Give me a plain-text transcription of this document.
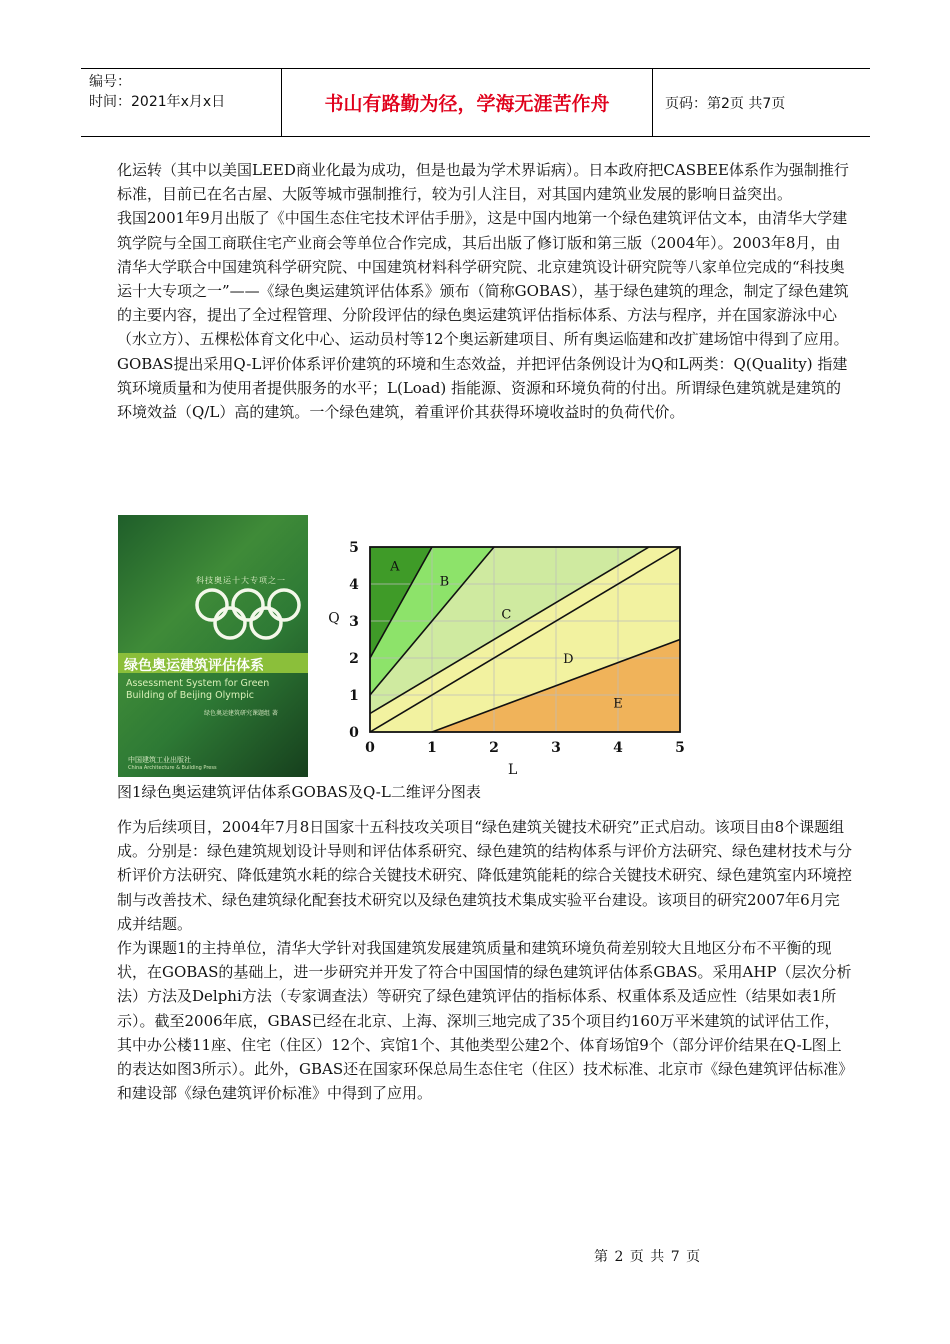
编号：
时间：2021年x月x日	书山有路勤为径，学海无涯苦作舟	页码：第2页 共7页
化运转（其中以美国LEED商业化最为成功，但是也最为学术界诟病）。日本政府把CASBEE体系作为强制推行标准，目前已在名古屋、大阪等城市强制推行，较为引人注目，对其国内建筑业发展的影响日益突出。
我国2001年9月出版了《中国生态住宅技术评估手册》，这是中国内地第一个绿色建筑评估文本，由清华大学建筑学院与全国工商联住宅产业商会等单位合作完成，其后出版了修订版和第三版（2004年）。2003年8月，由清华大学联合中国建筑科学研究院、中国建筑材料科学研究院、北京建筑设计研究院等八家单位完成的“科技奥运十大专项之一”——《绿色奥运建筑评估体系》颁布（简称GOBAS），基于绿色建筑的理念，制定了绿色建筑的主要内容，提出了全过程管理、分阶段评估的绿色奥运建筑评估指标体系、方法与程序，并在国家游泳中心（水立方）、五棵松体育文化中心、运动员村等12个奥运新建项目、所有奥运临建和改扩建场馆中得到了应用。
GOBAS提出采用Q-L评价体系评价建筑的环境和生态效益，并把评估条例设计为Q和L两类：Q(Quality) 指建筑环境质量和为使用者提供服务的水平；L(Load) 指能源、资源和环境负荷的付出。所谓绿色建筑就是建筑的环境效益（Q/L）高的建筑。一个绿色建筑，着重评价其获得环境收益时的负荷代价。
科技奥运十大专项之一
绿色奥运建筑评估体系
Assessment System for Green
Building of Beijing Olympic
绿色奥运建筑研究课题组 著
中国建筑工业出版社
China Architecture & Building Press
0	1	2	3	4	5
0
1
2
3
4
5
A
B
C
D
E
L
Q
图1绿色奥运建筑评估体系GOBAS及Q-L二维评分图表
作为后续项目，2004年7月8日国家十五科技攻关项目“绿色建筑关键技术研究”正式启动。该项目由8个课题组成。分别是：绿色建筑规划设计导则和评估体系研究、绿色建筑的结构体系与评价方法研究、绿色建材技术与分析评价方法研究、降低建筑水耗的综合关键技术研究、降低建筑能耗的综合关键技术研究、绿色建筑室内环境控制与改善技术、绿色建筑绿化配套技术研究以及绿色建筑技术集成实验平台建设。该项目的研究2007年6月完成并结题。
作为课题1的主持单位，清华大学针对我国建筑发展建筑质量和建筑环境负荷差别较大且地区分布不平衡的现状，在GOBAS的基础上，进一步研究并开发了符合中国国情的绿色建筑评估体系GBAS。采用AHP（层次分析法）方法及Delphi方法（专家调查法）等研究了绿色建筑评估的指标体系、权重体系及适应性（结果如表1所示）。截至2006年底，GBAS已经在北京、上海、深圳三地完成了35个项目约160万平米建筑的试评估工作，其中办公楼11座、住宅（住区）12个、宾馆1个、其他类型公建2个、体育场馆9个（部分评价结果在Q-L图上的表达如图3所示）。此外，GBAS还在国家环保总局生态住宅（住区）技术标准、北京市《绿色建筑评估标准》和建设部《绿色建筑评价标准》中得到了应用。
第 2 页 共 7 页
